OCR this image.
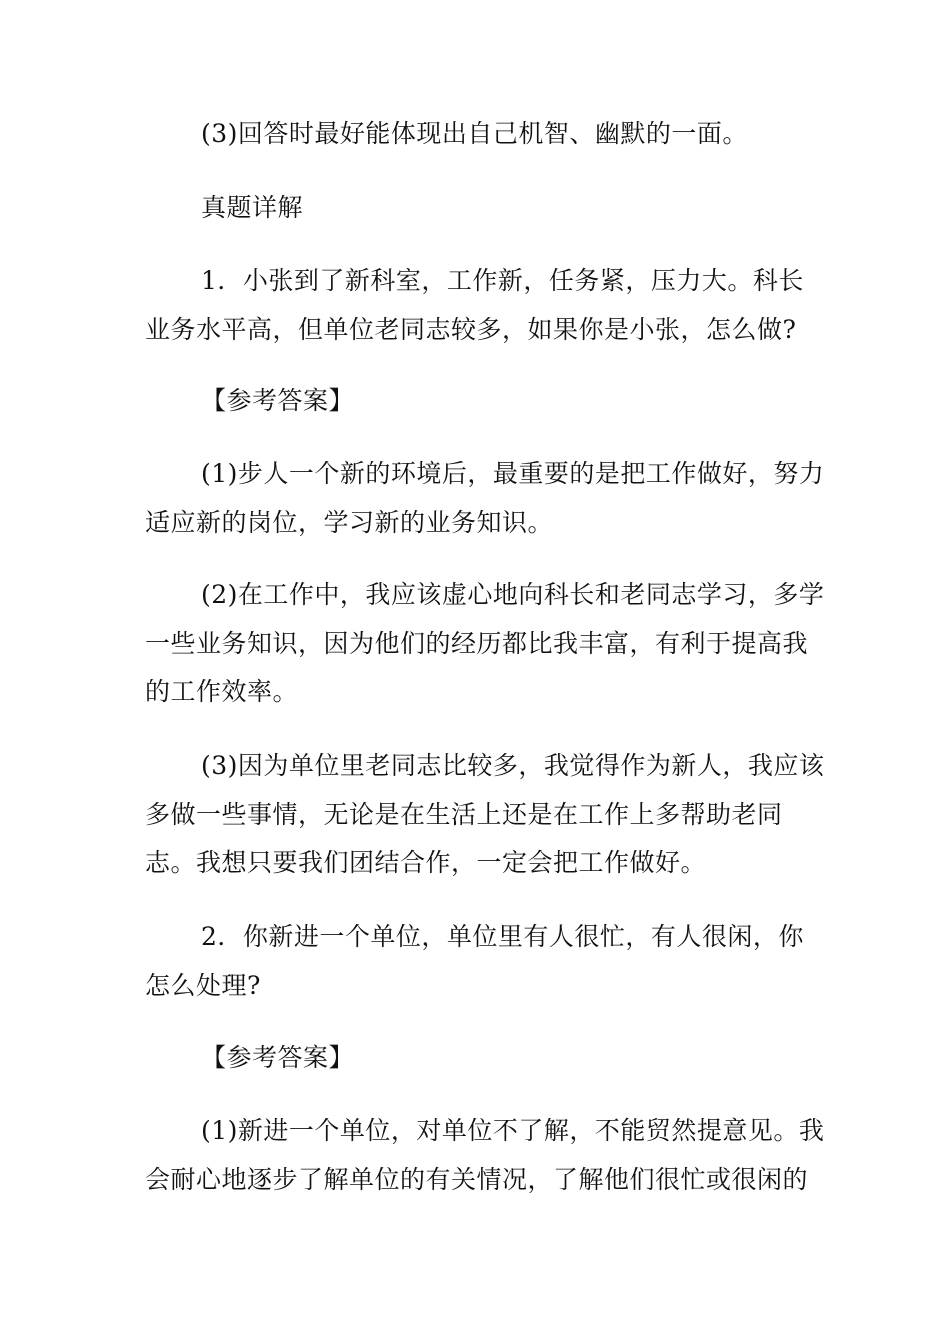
(3)回答时最好能体现出自己机智、幽默的一面。
真题详解
1．小张到了新科室，工作新，任务紧，压力大。科长
业务水平高，但单位老同志较多，如果你是小张，怎么做?
【参考答案】
(1)步人一个新的环境后，最重要的是把工作做好，努力
适应新的岗位，学习新的业务知识。
(2)在工作中，我应该虚心地向科长和老同志学习，多学
一些业务知识，因为他们的经历都比我丰富，有利于提高我
的工作效率。
(3)因为单位里老同志比较多，我觉得作为新人，我应该
多做一些事情，无论是在生活上还是在工作上多帮助老同
志。我想只要我们团结合作，一定会把工作做好。
2．你新进一个单位，单位里有人很忙，有人很闲，你
怎么处理?
【参考答案】
(1)新进一个单位，对单位不了解，不能贸然提意见。我
会耐心地逐步了解单位的有关情况，了解他们很忙或很闲的
